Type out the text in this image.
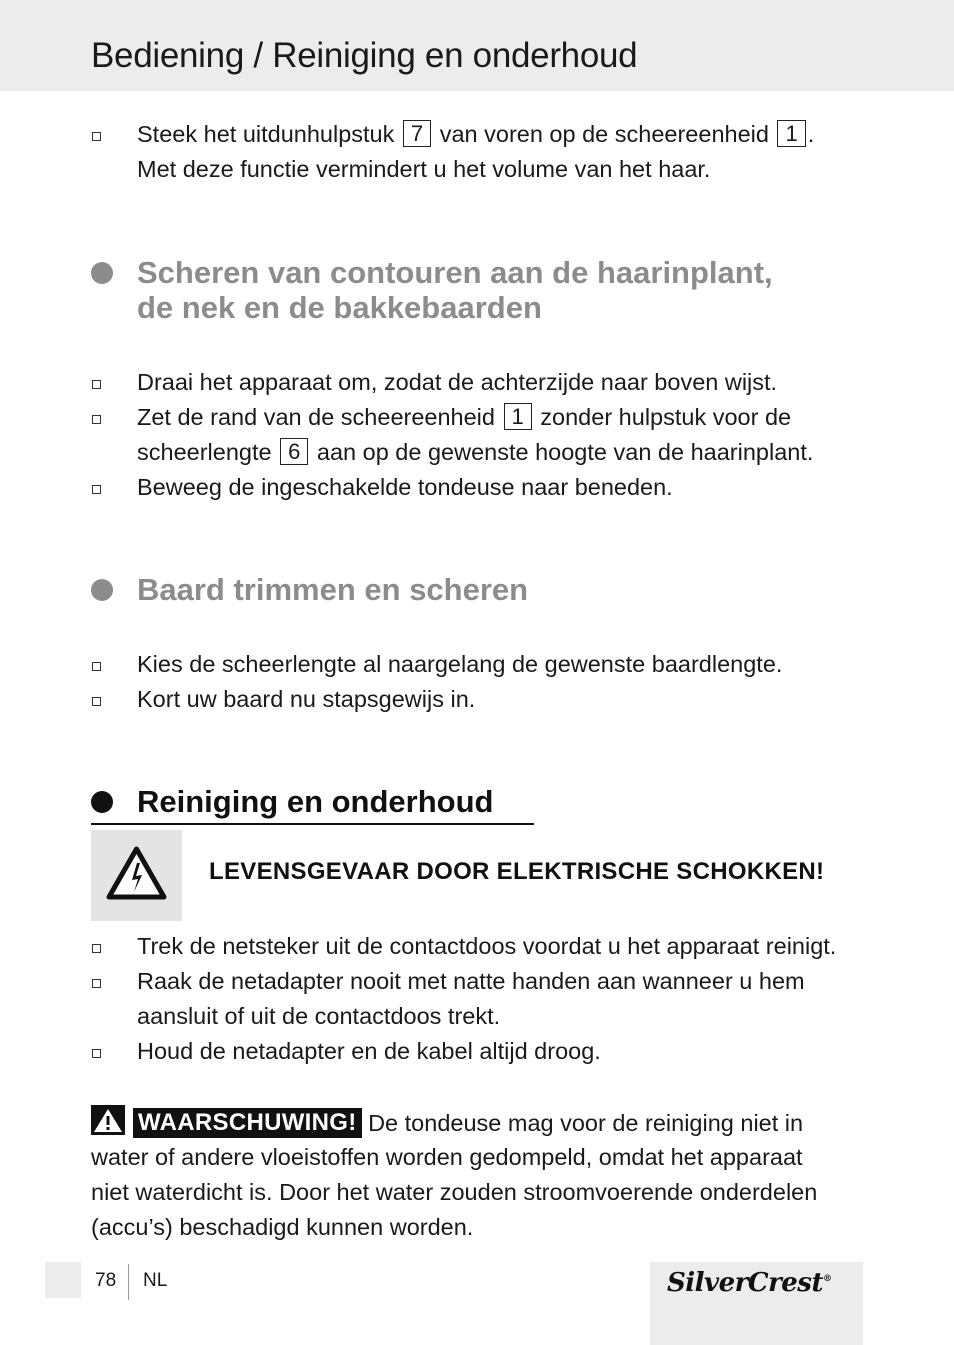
Bediening / Reiniging en onderhoud
Steek het uitdunhulpstuk 7 van voren op de scheereenheid 1 .
Met deze functie vermindert u het volume van het haar.
Scheren van contouren aan de haarinplant,
de nek en de bakkebaarden
Draai het apparaat om, zodat de achterzijde naar boven wijst.
Zet de rand van de scheereenheid 1 zonder hulpstuk voor de
scheerlengte 6 aan op de gewenste hoogte van de haarinplant.
Beweeg de ingeschakelde tondeuse naar beneden.
Baard trimmen en scheren
Kies de scheerlengte al naargelang de gewenste baardlengte.
Kort uw baard nu stapsgewijs in.
Reiniging en onderhoud
LEVENSGEVAAR DOOR ELEKTRISCHE SCHOKKEN!
Trek de netsteker uit de contactdoos voordat u het apparaat reinigt.
Raak de netadapter nooit met natte handen aan wanneer u hem
aansluit of uit de contactdoos trekt.
Houd de netadapter en de kabel altijd droog.
WAARSCHUWING! De tondeuse mag voor de reiniging niet in
water of andere vloeistoffen worden gedompeld, omdat het apparaat
niet waterdicht is. Door het water zouden stroomvoerende onderdelen
(accu’s) beschadigd kunnen worden.
78 NL	SilverCrest®
